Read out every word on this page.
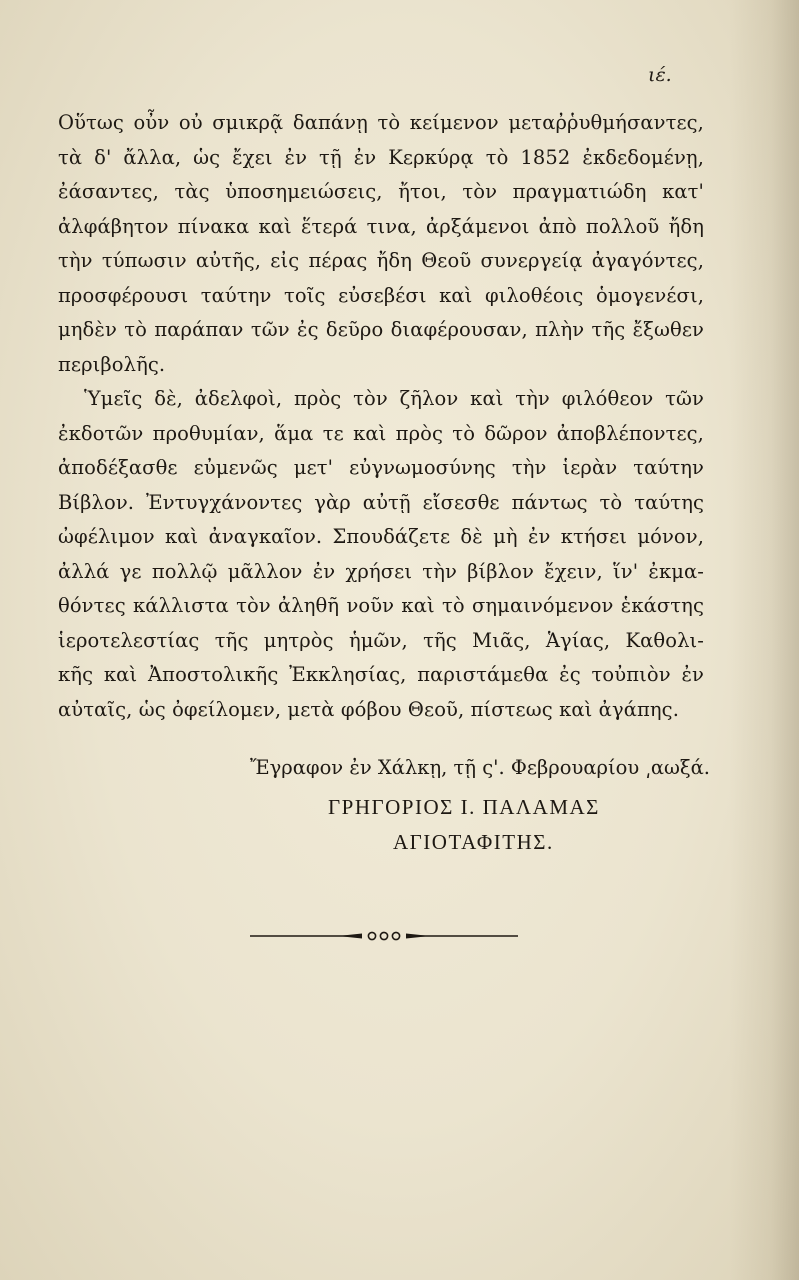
ιέ.
Οὕτως οὖν οὐ σμικρᾷ δαπάνῃ τὸ κείμενον μεταῤῥυθμήσαντες,
τὰ δ' ἄλλα, ὡς ἔχει ἐν τῇ ἐν Κερκύρᾳ τὸ 1852 ἐκδεδομένῃ,
ἐάσαντες, τὰς ὑποσημειώσεις, ἤτοι, τὸν πραγματιώδη κατ'
ἀλφάβητον πίνακα καὶ ἕτερά τινα, ἀρξάμενοι ἀπὸ πολλοῦ ἤδη
τὴν τύπωσιν αὐτῆς, εἰς πέρας ἤδη Θεοῦ συνεργείᾳ ἀγαγόντες,
προσφέρουσι ταύτην τοῖς εὐσεβέσι καὶ φιλοθέοις ὁμογενέσι,
μηδὲν τὸ παράπαν τῶν ἐς δεῦρο διαφέρουσαν, πλὴν τῆς ἔξωθεν
περιβολῆς.
Ὑμεῖς δὲ, ἀδελφοὶ, πρὸς τὸν ζῆλον καὶ τὴν φιλόθεον τῶν
ἐκδοτῶν προθυμίαν, ἅμα τε καὶ πρὸς τὸ δῶρον ἀποβλέποντες,
ἀποδέξασθε εὐμενῶς μετ' εὐγνωμοσύνης τὴν ἱερὰν ταύτην
Βίβλον. Ἐντυγχάνοντες γὰρ αὐτῇ εἴσεσθε πάντως τὸ ταύτης
ὠφέλιμον καὶ ἀναγκαῖον. Σπουδάζετε δὲ μὴ ἐν κτήσει μόνον,
ἀλλά γε πολλῷ μᾶλλον ἐν χρήσει τὴν βίβλον ἔχειν, ἵν' ἐκμα-
θόντες κάλλιστα τὸν ἀληθῆ νοῦν καὶ τὸ σημαινόμενον ἑκάστης
ἱεροτελεστίας τῆς μητρὸς ἡμῶν, τῆς Μιᾶς, Ἁγίας, Καθολι-
κῆς καὶ Ἀποστολικῆς Ἐκκλησίας, παριστάμεθα ἐς τοὐπιὸν ἐν
αὐταῖς, ὡς ὀφείλομεν, μετὰ φόβου Θεοῦ, πίστεως καὶ ἀγάπης.
Ἔγραφον ἐν Χάλκῃ, τῇ ς'. Φεβρουαρίου ͵αωξά.
ΓΡΗΓΟΡΙΟΣ Ι. ΠΑΛΑΜΑΣ
ΑΓΙΟΤΑΦΙΤΗΣ.
